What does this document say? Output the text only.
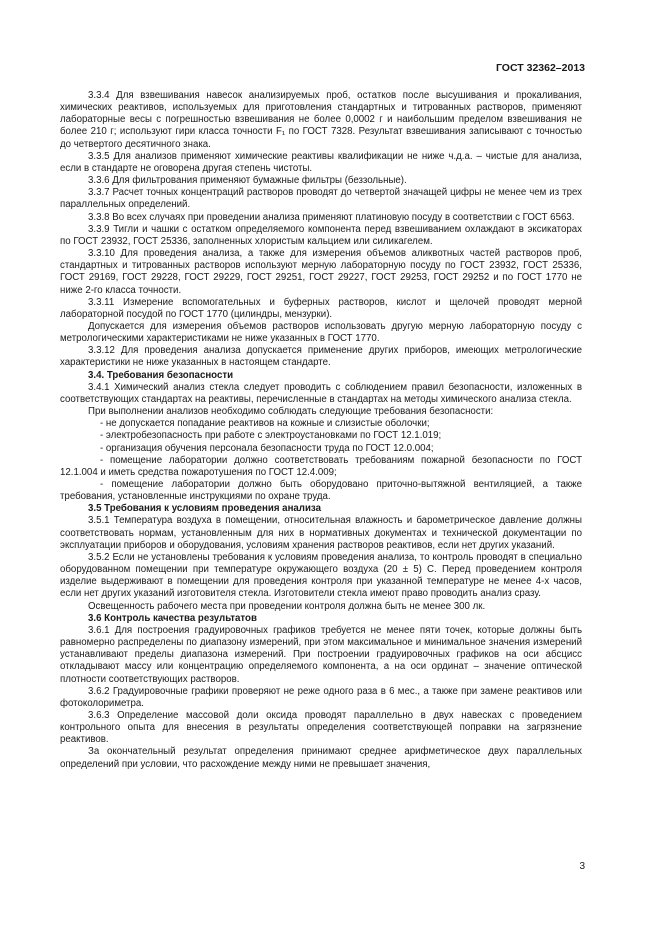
ГОСТ 32362–2013

3.3.4 Для взвешивания навесок анализируемых проб, остатков после высушивания и прокаливания, химических реактивов, используемых для приготовления стандартных и титрованных растворов, применяют лабораторные весы с погрешностью взвешивания не более 0,0002 г и наибольшим пределом взвешивания не более 210 г; используют гири класса точности F₁ по ГОСТ 7328. Результат взвешивания записывают с точностью до четвертого десятичного знака.

3.3.5 Для анализов применяют химические реактивы квалификации не ниже ч.д.а. – чистые для анализа, если в стандарте не оговорена другая степень чистоты.

3.3.6 Для фильтрования применяют бумажные фильтры (беззольные).

3.3.7 Расчет точных концентраций растворов проводят до четвертой значащей цифры не менее чем из трех параллельных определений.

3.3.8 Во всех случаях при проведении анализа применяют платиновую посуду в соответствии с ГОСТ 6563.

3.3.9 Тигли и чашки с остатком определяемого компонента перед взвешиванием охлаждают в эксикаторах по ГОСТ 23932, ГОСТ 25336, заполненных хлористым кальцием или силикагелем.

3.3.10 Для проведения анализа, а также для измерения объемов аликвотных частей растворов проб, стандартных и титрованных растворов используют мерную лабораторную посуду по ГОСТ 23932, ГОСТ 25336, ГОСТ 29169, ГОСТ 29228, ГОСТ 29229, ГОСТ 29251, ГОСТ 29227, ГОСТ 29253, ГОСТ 29252 и по ГОСТ 1770 не ниже 2-го класса точности.

3.3.11 Измерение вспомогательных и буферных растворов, кислот и щелочей проводят мерной лабораторной посудой по ГОСТ 1770 (цилиндры, мензурки).

Допускается для измерения объемов растворов использовать другую мерную лабораторную посуду с метрологическими характеристиками не ниже указанных в ГОСТ 1770.

3.3.12 Для проведения анализа допускается применение других приборов, имеющих метрологические характеристики не ниже указанных в настоящем стандарте.

3.4. Требования безопасности

3.4.1 Химический анализ стекла следует проводить с соблюдением правил безопасности, изложенных в соответствующих стандартах на реактивы, перечисленные в стандартах на методы химического анализа стекла.

При выполнении анализов необходимо соблюдать следующие требования безопасности:

- не допускается попадание реактивов на кожные и слизистые оболочки;

- электробезопасность при работе с электроустановками по ГОСТ 12.1.019;

- организация обучения персонала безопасности труда по ГОСТ 12.0.004;

- помещение лаборатории должно соответствовать требованиям пожарной безопасности по ГОСТ 12.1.004 и иметь средства пожаротушения по ГОСТ 12.4.009;

- помещение лаборатории должно быть оборудовано приточно-вытяжной вентиляцией, а также требования, установленные инструкциями по охране труда.

3.5 Требования к условиям проведения анализа

3.5.1 Температура воздуха в помещении, относительная влажность и барометрическое давление должны соответствовать нормам, установленным для них в нормативных документах и технической документации по эксплуатации приборов и оборудования, условиям хранения растворов реактивов, если нет других указаний.

3.5.2 Если не установлены требования к условиям проведения анализа, то контроль проводят в специально оборудованном помещении при температуре окружающего воздуха (20 ± 5) С. Перед проведением контроля изделие выдерживают в помещении для проведения контроля при указанной температуре не менее 4-х часов, если нет других указаний изготовителя стекла. Изготовители стекла имеют право проводить анализ сразу.

Освещенность рабочего места при проведении контроля должна быть не менее 300 лк.

3.6 Контроль качества результатов

3.6.1 Для построения градуировочных графиков требуется не менее пяти точек, которые должны быть равномерно распределены по диапазону измерений, при этом максимальное и минимальное значения измерений устанавливают пределы диапазона измерений. При построении градуировочных графиков на оси абсцисс откладывают массу или концентрацию определяемого компонента, а на оси ординат – значение оптической плотности соответствующих растворов.

3.6.2 Градуировочные графики проверяют не реже одного раза в 6 мес., а также при замене реактивов или фотоколориметра.

3.6.3 Определение массовой доли оксида проводят параллельно в двух навесках с проведением контрольного опыта для внесения в результаты определения соответствующей поправки на загрязнение реактивов.

За окончательный результат определения принимают среднее арифметическое двух параллельных определений при условии, что расхождение между ними не превышает значения,

3
